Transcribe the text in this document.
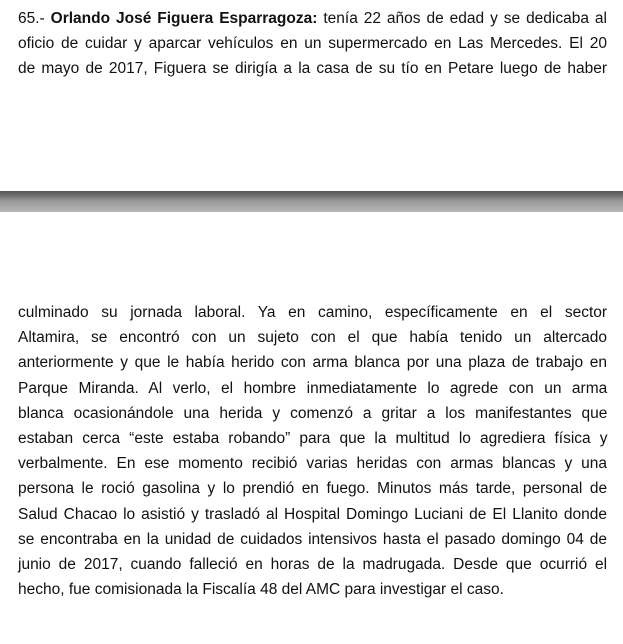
65.- Orlando José Figuera Esparragoza: tenía 22 años de edad y se dedicaba al
oficio de cuidar y aparcar vehículos en un supermercado en Las Mercedes. El 20
de mayo de 2017, Figuera se dirigía a la casa de su tío en Petare luego de haber
culminado su jornada laboral. Ya en camino, específicamente en el sector
Altamira, se encontró con un sujeto con el que había tenido un altercado
anteriormente y que le había herido con arma blanca por una plaza de trabajo en
Parque Miranda. Al verlo, el hombre inmediatamente lo agrede con un arma
blanca ocasionándole una herida y comenzó a gritar a los manifestantes que
estaban cerca “este estaba robando” para que la multitud lo agrediera física y
verbalmente. En ese momento recibió varias heridas con armas blancas y una
persona le roció gasolina y lo prendió en fuego. Minutos más tarde, personal de
Salud Chacao lo asistió y trasladó al Hospital Domingo Luciani de El Llanito donde
se encontraba en la unidad de cuidados intensivos hasta el pasado domingo 04 de
junio de 2017, cuando falleció en horas de la madrugada. Desde que ocurrió el
hecho, fue comisionada la Fiscalía 48 del AMC para investigar el caso.
